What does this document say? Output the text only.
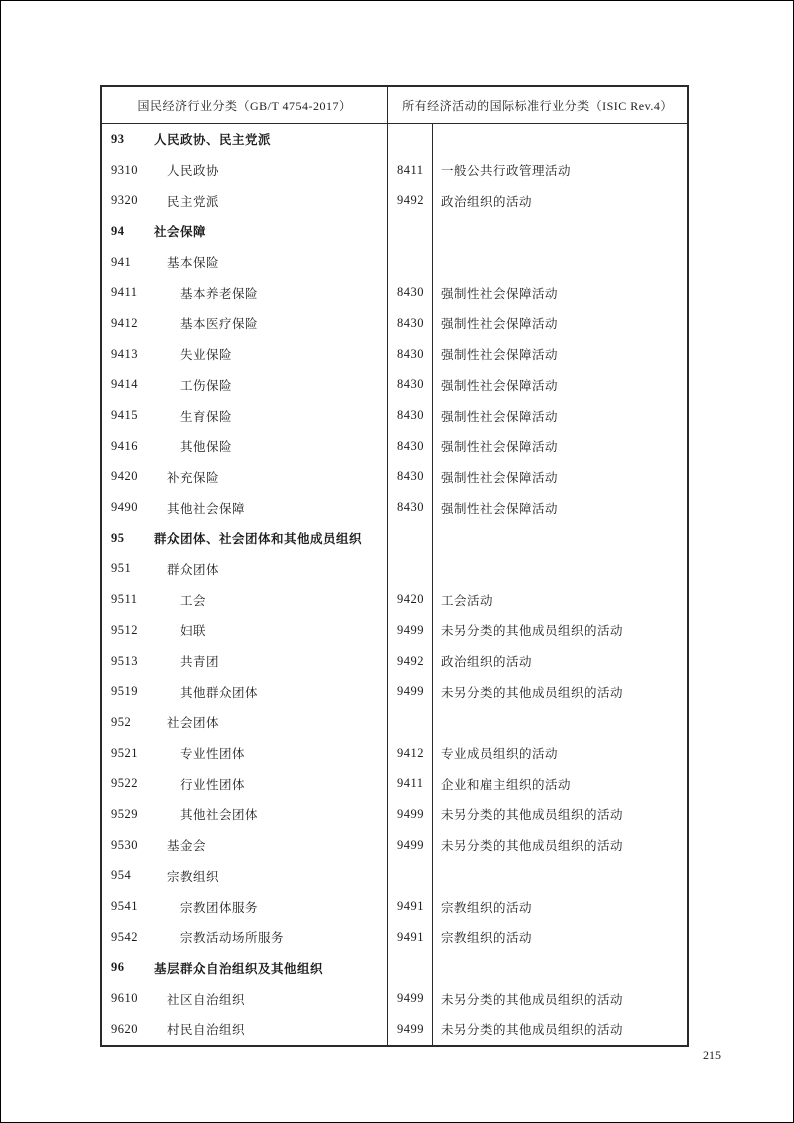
国民经济行业分类（GB/T 4754-2017）	所有经济活动的国际标准行业分类（ISIC Rev.4）
93	人民政协、民主党派
9310	人民政协	8411	一般公共行政管理活动
9320	民主党派	9492	政治组织的活动
94	社会保障
941	基本保险
9411	基本养老保险	8430	强制性社会保障活动
9412	基本医疗保险	8430	强制性社会保障活动
9413	失业保险	8430	强制性社会保障活动
9414	工伤保险	8430	强制性社会保障活动
9415	生育保险	8430	强制性社会保障活动
9416	其他保险	8430	强制性社会保障活动
9420	补充保险	8430	强制性社会保障活动
9490	其他社会保障	8430	强制性社会保障活动
95	群众团体、社会团体和其他成员组织
951	群众团体
9511	工会	9420	工会活动
9512	妇联	9499	未另分类的其他成员组织的活动
9513	共青团	9492	政治组织的活动
9519	其他群众团体	9499	未另分类的其他成员组织的活动
952	社会团体
9521	专业性团体	9412	专业成员组织的活动
9522	行业性团体	9411	企业和雇主组织的活动
9529	其他社会团体	9499	未另分类的其他成员组织的活动
9530	基金会	9499	未另分类的其他成员组织的活动
954	宗教组织
9541	宗教团体服务	9491	宗教组织的活动
9542	宗教活动场所服务	9491	宗教组织的活动
96	基层群众自治组织及其他组织
9610	社区自治组织	9499	未另分类的其他成员组织的活动
9620	村民自治组织	9499	未另分类的其他成员组织的活动
215
